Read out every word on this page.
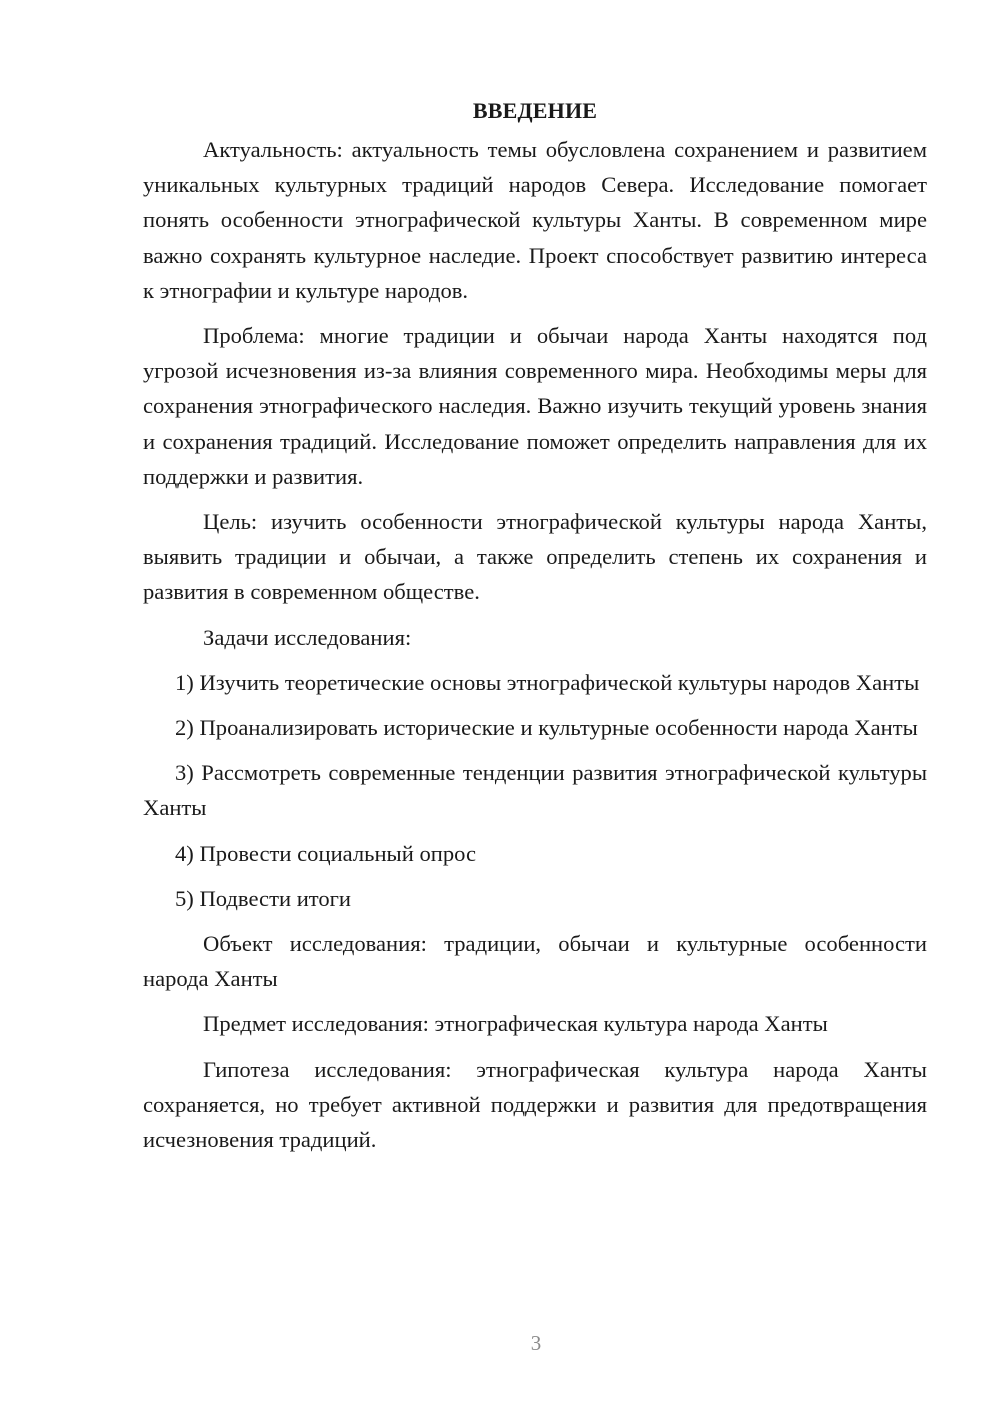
ВВЕДЕНИЕ

Актуальность: актуальность темы обусловлена сохранением и развитием уникальных культурных традиций народов Севера. Исследование помогает понять особенности этнографической культуры Ханты. В современном мире важно сохранять культурное наследие. Проект способствует развитию интереса к этнографии и культуре народов.

Проблема: многие традиции и обычаи народа Ханты находятся под угрозой исчезновения из-за влияния современного мира. Необходимы меры для сохранения этнографического наследия. Важно изучить текущий уровень знания и сохранения традиций. Исследование поможет определить направления для их поддержки и развития.

Цель: изучить особенности этнографической культуры народа Ханты, выявить традиции и обычаи, а также определить степень их сохранения и развития в современном обществе.

Задачи исследования:

1) Изучить теоретические основы этнографической культуры народов Ханты

2) Проанализировать исторические и культурные особенности народа Ханты

3) Рассмотреть современные тенденции развития этнографической культуры Ханты

4) Провести социальный опрос

5) Подвести итоги

Объект исследования: традиции, обычаи и культурные особенности народа Ханты

Предмет исследования: этнографическая культура народа Ханты

Гипотеза исследования: этнографическая культура народа Ханты сохраняется, но требует активной поддержки и развития для предотвращения исчезновения традиций.

3
